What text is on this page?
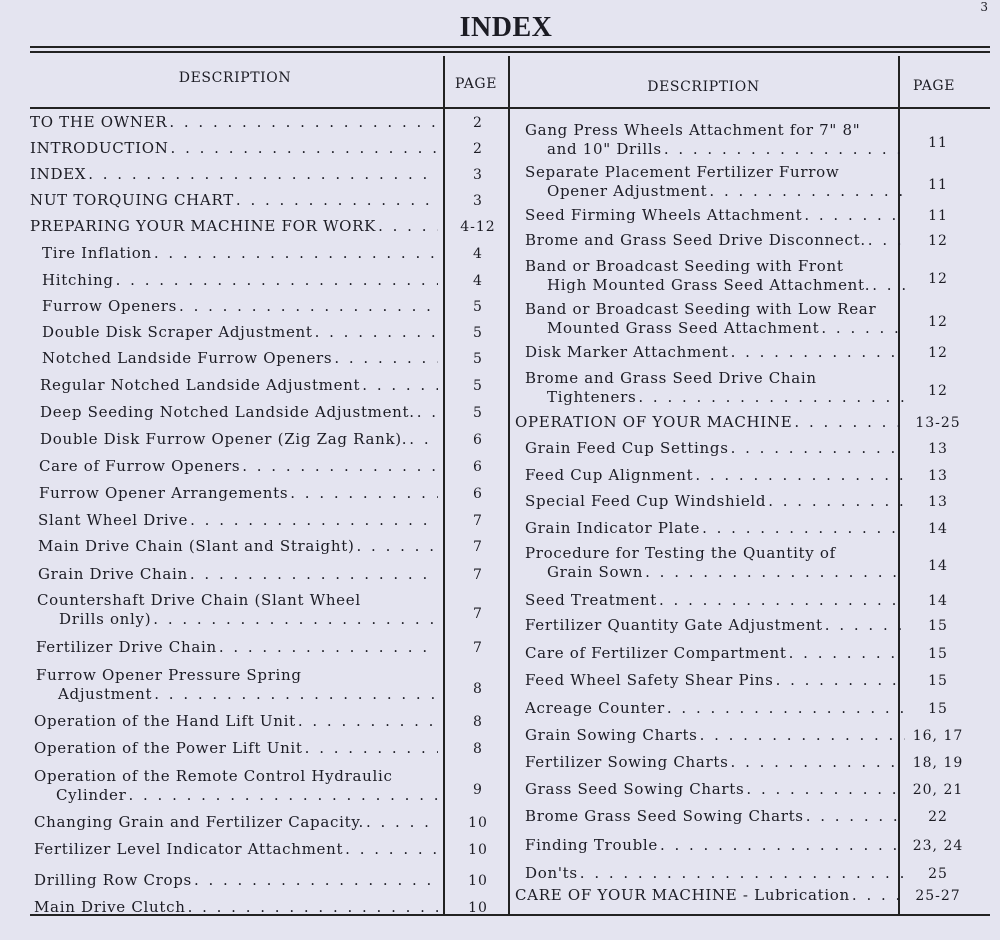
3
INDEX
DESCRIPTION	PAGE	DESCRIPTION	PAGE
TO THE OWNER . . .	2
INTRODUCTION . . .	2
INDEX . . .	3
NUT TORQUING CHART . . .	3
PREPARING YOUR MACHINE FOR WORK . . .	4-12
Tire Inflation . . .	4
Hitching . . .	4
Furrow Openers . . .	5
Double Disk Scraper Adjustment . . .	5
Notched Landside Furrow Openers . . .	5
Regular Notched Landside Adjustment . . .	5
Deep Seeding Notched Landside Adjustment. . . .	5
Double Disk Furrow Opener (Zig Zag Rank). . . .	6
Care of Furrow Openers . . .	6
Furrow Opener Arrangements . . .	6
Slant Wheel Drive . . .	7
Main Drive Chain (Slant and Straight) . . .	7
Grain Drive Chain . . .	7
Countershaft Drive Chain (Slant Wheel
Drills only) . . .	7
Fertilizer Drive Chain . . .	7
Furrow Opener Pressure Spring
Adjustment . . .	8
Operation of the Hand Lift Unit . . .	8
Operation of the Power Lift Unit . . .	8
Operation of the Remote Control Hydraulic
Cylinder . . .	9
Changing Grain and Fertilizer Capacity. . . .	10
Fertilizer Level Indicator Attachment . . .	10
Drilling Row Crops . . .	10
Main Drive Clutch . . .	10
Gang Press Wheels Attachment for 7" 8"
and 10" Drills . . .	11
Separate Placement Fertilizer Furrow
Opener Adjustment . . .	11
Seed Firming Wheels Attachment . . .	11
Brome and Grass Seed Drive Disconnect. . . .	12
Band or Broadcast Seeding with Front
High Mounted Grass Seed Attachment. . . .	12
Band or Broadcast Seeding with Low Rear
Mounted Grass Seed Attachment . . .	12
Disk Marker Attachment . . .	12
Brome and Grass Seed Drive Chain
Tighteners . . .	12
OPERATION OF YOUR MACHINE . . .	13-25
Grain Feed Cup Settings . . .	13
Feed Cup Alignment . . .	13
Special Feed Cup Windshield . . .	13
Grain Indicator Plate . . .	14
Procedure for Testing the Quantity of
Grain Sown . . .	14
Seed Treatment . . .	14
Fertilizer Quantity Gate Adjustment . . .	15
Care of Fertilizer Compartment . . .	15
Feed Wheel Safety Shear Pins . . .	15
Acreage Counter . . .	15
Grain Sowing Charts . . .	16, 17
Fertilizer Sowing Charts . . .	18, 19
Grass Seed Sowing Charts . . .	20, 21
Brome Grass Seed Sowing Charts . . .	22
Finding Trouble . . .	23, 24
Don'ts . . .	25
CARE OF YOUR MACHINE - Lubrication . . .	25-27
